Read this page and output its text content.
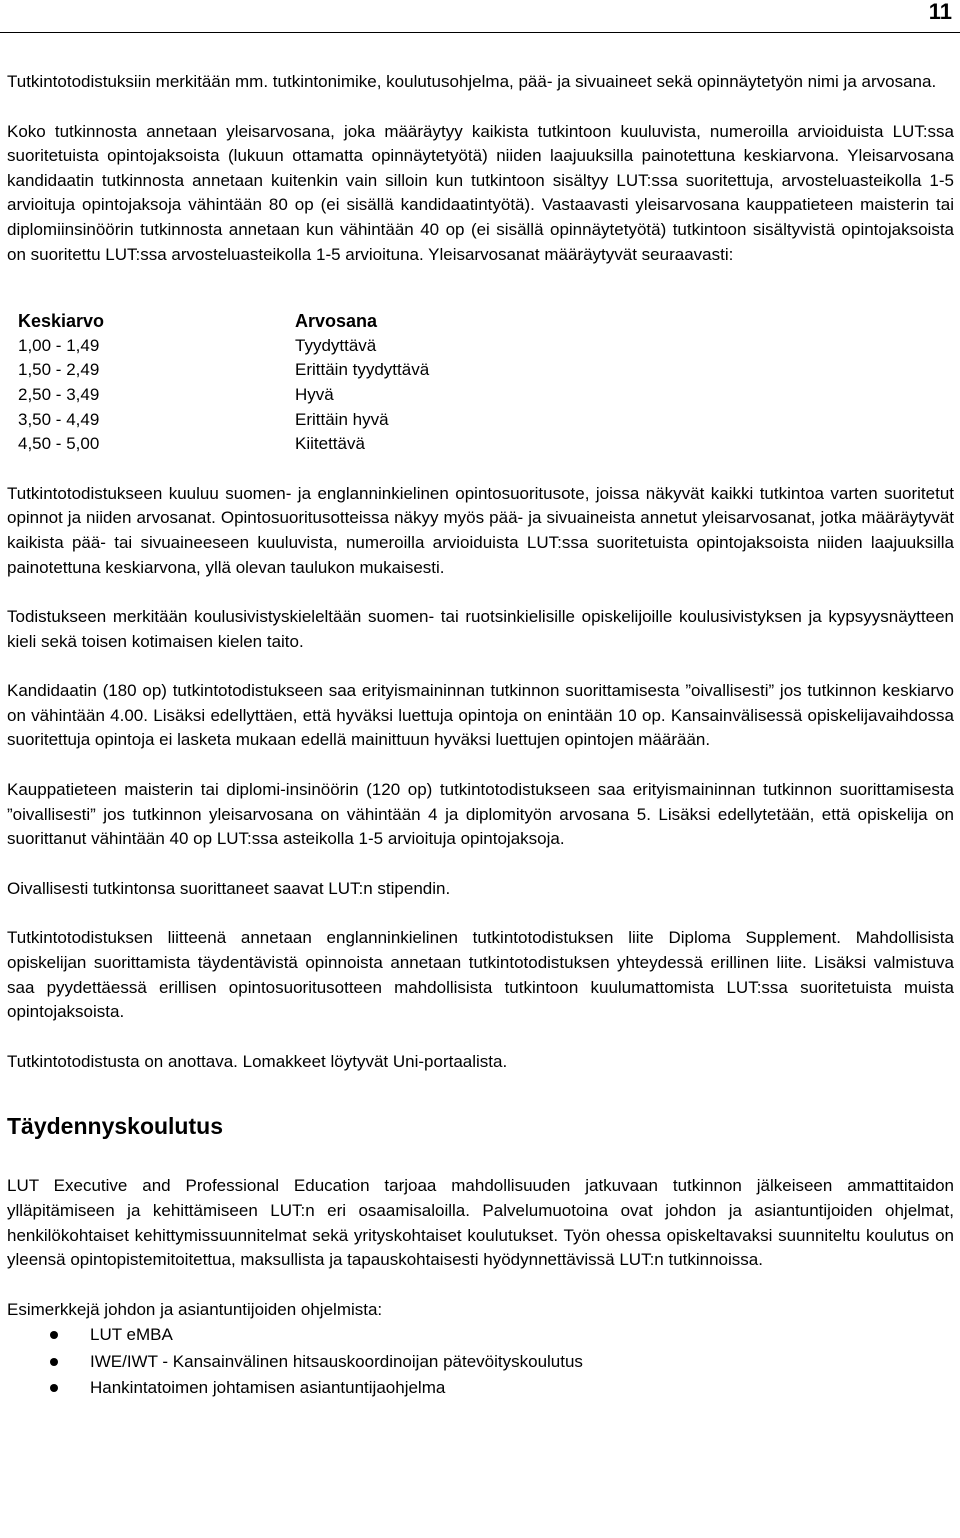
11

Tutkintotodistuksiin merkitään mm. tutkintonimike, koulutusohjelma, pää- ja sivuaineet sekä opinnäytetyön nimi ja arvosana.

Koko tutkinnosta annetaan yleisarvosana, joka määräytyy kaikista tutkintoon kuuluvista, numeroilla arvioiduista LUT:ssa suoritetuista opintojaksoista (lukuun ottamatta opinnäytetyötä) niiden laajuuksilla painotettuna keskiarvona. Yleisarvosana kandidaatin tutkinnosta annetaan kuitenkin vain silloin kun tutkintoon sisältyy LUT:ssa suoritettuja, arvosteluasteikolla 1-5 arvioituja opintojaksoja vähintään 80 op (ei sisällä kandidaatintyötä). Vastaavasti yleisarvosana kauppatieteen maisterin tai diplomiinsinöörin tutkinnosta annetaan kun vähintään 40 op (ei sisällä opinnäytetyötä) tutkintoon sisältyvistä opintojaksoista on suoritettu LUT:ssa arvosteluasteikolla 1-5 arvioituna. Yleisarvosanat määräytyvät seuraavasti:

Keskiarvo	Arvosana
1,00 - 1,49	Tyydyttävä
1,50 - 2,49	Erittäin tyydyttävä
2,50 - 3,49	Hyvä
3,50 - 4,49	Erittäin hyvä
4,50 - 5,00	Kiitettävä

Tutkintotodistukseen kuuluu suomen- ja englanninkielinen opintosuoritusote, joissa näkyvät kaikki tutkintoa varten suoritetut opinnot ja niiden arvosanat. Opintosuoritusotteissa näkyy myös pää- ja sivuaineista annetut yleisarvosanat, jotka määräytyvät kaikista pää- tai sivuaineeseen kuuluvista, numeroilla arvioiduista LUT:ssa suoritetuista opintojaksoista niiden laajuuksilla painotettuna keskiarvona, yllä olevan taulukon mukaisesti.

Todistukseen merkitään koulusivistyskieleltään suomen- tai ruotsinkielisille opiskelijoille koulusivistyksen ja kypsyysnäytteen kieli sekä toisen kotimaisen kielen taito.

Kandidaatin (180 op) tutkintotodistukseen saa erityismaininnan tutkinnon suorittamisesta ”oivallisesti” jos tutkinnon keskiarvo on vähintään 4.00. Lisäksi edellyttäen, että hyväksi luettuja opintoja on enintään 10 op. Kansainvälisessä opiskelijavaihdossa suoritettuja opintoja ei lasketa mukaan edellä mainittuun hyväksi luettujen opintojen määrään.

Kauppatieteen maisterin tai diplomi-insinöörin (120 op) tutkintotodistukseen saa erityismaininnan tutkinnon suorittamisesta ”oivallisesti” jos tutkinnon yleisarvosana on vähintään 4 ja diplomityön arvosana 5. Lisäksi edellytetään, että opiskelija on suorittanut vähintään 40 op LUT:ssa asteikolla 1-5 arvioituja opintojaksoja.

Oivallisesti tutkintonsa suorittaneet saavat LUT:n stipendin.

Tutkintotodistuksen liitteenä annetaan englanninkielinen tutkintotodistuksen liite Diploma Supplement. Mahdollisista opiskelijan suorittamista täydentävistä opinnoista annetaan tutkintotodistuksen yhteydessä erillinen liite. Lisäksi valmistuva saa pyydettäessä erillisen opintosuoritusotteen mahdollisista tutkintoon kuulumattomista LUT:ssa suoritetuista muista opintojaksoista.

Tutkintotodistusta on anottava. Lomakkeet löytyvät Uni-portaalista.

Täydennyskoulutus

LUT Executive and Professional Education tarjoaa mahdollisuuden jatkuvaan tutkinnon jälkeiseen ammattitaidon ylläpitämiseen ja kehittämiseen LUT:n eri osaamisaloilla. Palvelumuotoina ovat johdon ja asiantuntijoiden ohjelmat, henkilökohtaiset kehittymissuunnitelmat sekä yrityskohtaiset koulutukset. Työn ohessa opiskeltavaksi suunniteltu koulutus on yleensä opintopistemitoitettua, maksullista ja tapauskohtaisesti hyödynnettävissä LUT:n tutkinnoissa.

Esimerkkejä johdon ja asiantuntijoiden ohjelmista:

LUT eMBA
IWE/IWT - Kansainvälinen hitsauskoordinoijan pätevöityskoulutus
Hankintatoimen johtamisen asiantuntijaohjelma
